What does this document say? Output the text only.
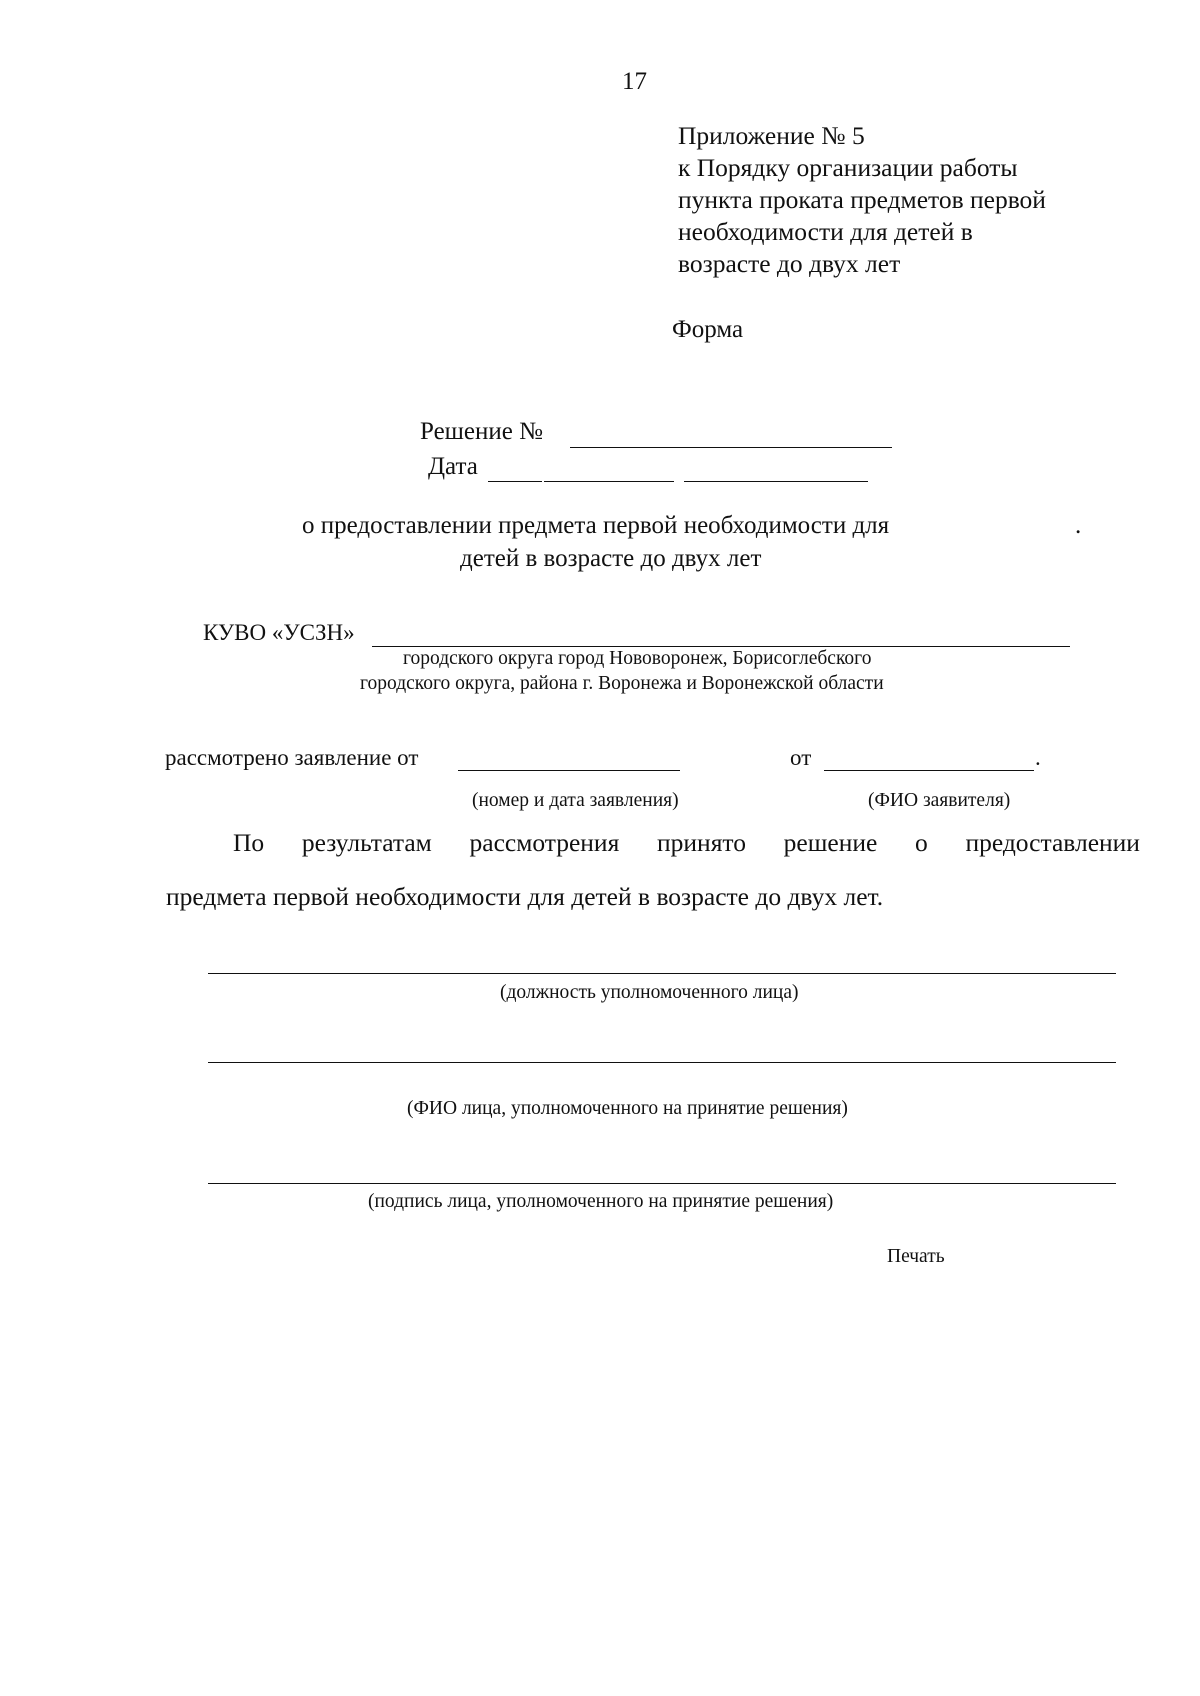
17
Приложение № 5
к Порядку организации работы
пункта проката предметов первой
необходимости для детей в
возрасте до двух лет
Форма
Решение №
Дата
о предоставлении предмета первой необходимости для
детей в возрасте до двух лет
.
КУВО «УСЗН»
городского округа город Нововоронеж, Борисоглебского
городского округа, района г. Воронежа и Воронежской области
рассмотрено заявление от	от	.
(номер и дата заявления)	(ФИО заявителя)
По результатам рассмотрения принято решение о предоставлении
предмета первой необходимости для детей в возрасте до двух лет.
(должность уполномоченного лица)
(ФИО лица, уполномоченного на принятие решения)
(подпись лица, уполномоченного на принятие решения)
Печать
